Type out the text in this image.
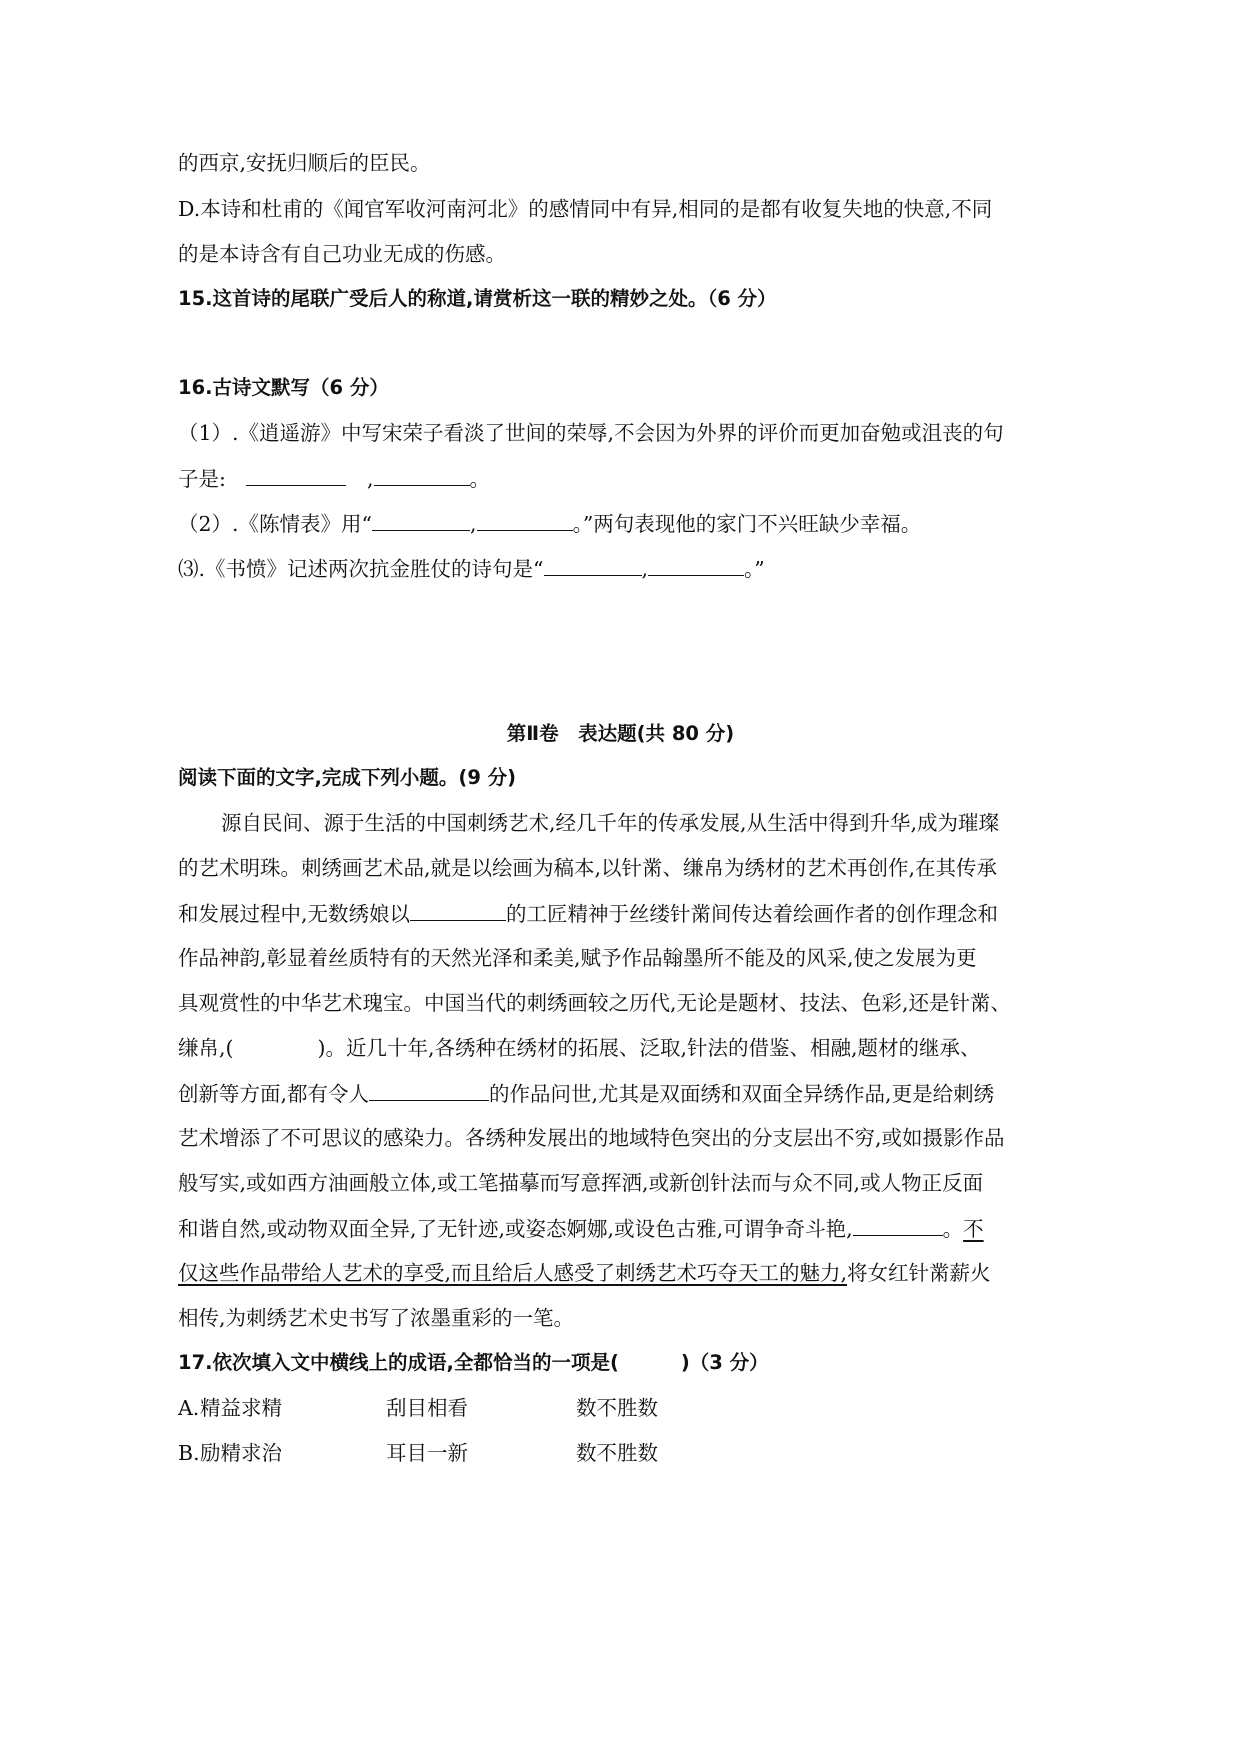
的西京,安抚归顺后的臣民。
D.本诗和杜甫的《闻官军收河南河北》的感情同中有异,相同的是都有收复失地的快意,不同
的是本诗含有自己功业无成的伤感。
15.这首诗的尾联广受后人的称道,请赏析这一联的精妙之处。（6 分）
16.古诗文默写（6 分）
（1）.《逍遥游》中写宋荣子看淡了世间的荣辱,不会因为外界的评价而更加奋勉或沮丧的句
子是:	,	。
（2）.《陈情表》用“	,	。”两句表现他的家门不兴旺缺少幸福。
⑶.《书愤》记述两次抗金胜仗的诗句是“	,	。”
第Ⅱ卷　表达题(共 80 分)
阅读下面的文字,完成下列小题。(9 分)
源自民间、源于生活的中国刺绣艺术,经几千年的传承发展,从生活中得到升华,成为璀璨
的艺术明珠。刺绣画艺术品,就是以绘画为稿本,以针黹、缣帛为绣材的艺术再创作,在其传承
和发展过程中,无数绣娘以	的工匠精神于丝缕针黹间传达着绘画作者的创作理念和
作品神韵,彰显着丝质特有的天然光泽和柔美,赋予作品翰墨所不能及的风采,使之发展为更
具观赏性的中华艺术瑰宝。中国当代的刺绣画较之历代,无论是题材、技法、色彩,还是针黹、
缣帛,(	)。近几十年,各绣种在绣材的拓展、泛取,针法的借鉴、相融,题材的继承、
创新等方面,都有令人	的作品问世,尤其是双面绣和双面全异绣作品,更是给刺绣
艺术增添了不可思议的感染力。各绣种发展出的地域特色突出的分支层出不穷,或如摄影作品
般写实,或如西方油画般立体,或工笔描摹而写意挥洒,或新创针法而与众不同,或人物正反面
和谐自然,或动物双面全异,了无针迹,或姿态婀娜,或设色古雅,可谓争奇斗艳,	。不
仅这些作品带给人艺术的享受,而且给后人感受了刺绣艺术巧夺天工的魅力,将女红针黹薪火
相传,为刺绣艺术史书写了浓墨重彩的一笔。
17.依次填入文中横线上的成语,全都恰当的一项是(	)（3 分）
A. 精益求精	刮目相看	数不胜数
B. 励精求治	耳目一新	数不胜数
